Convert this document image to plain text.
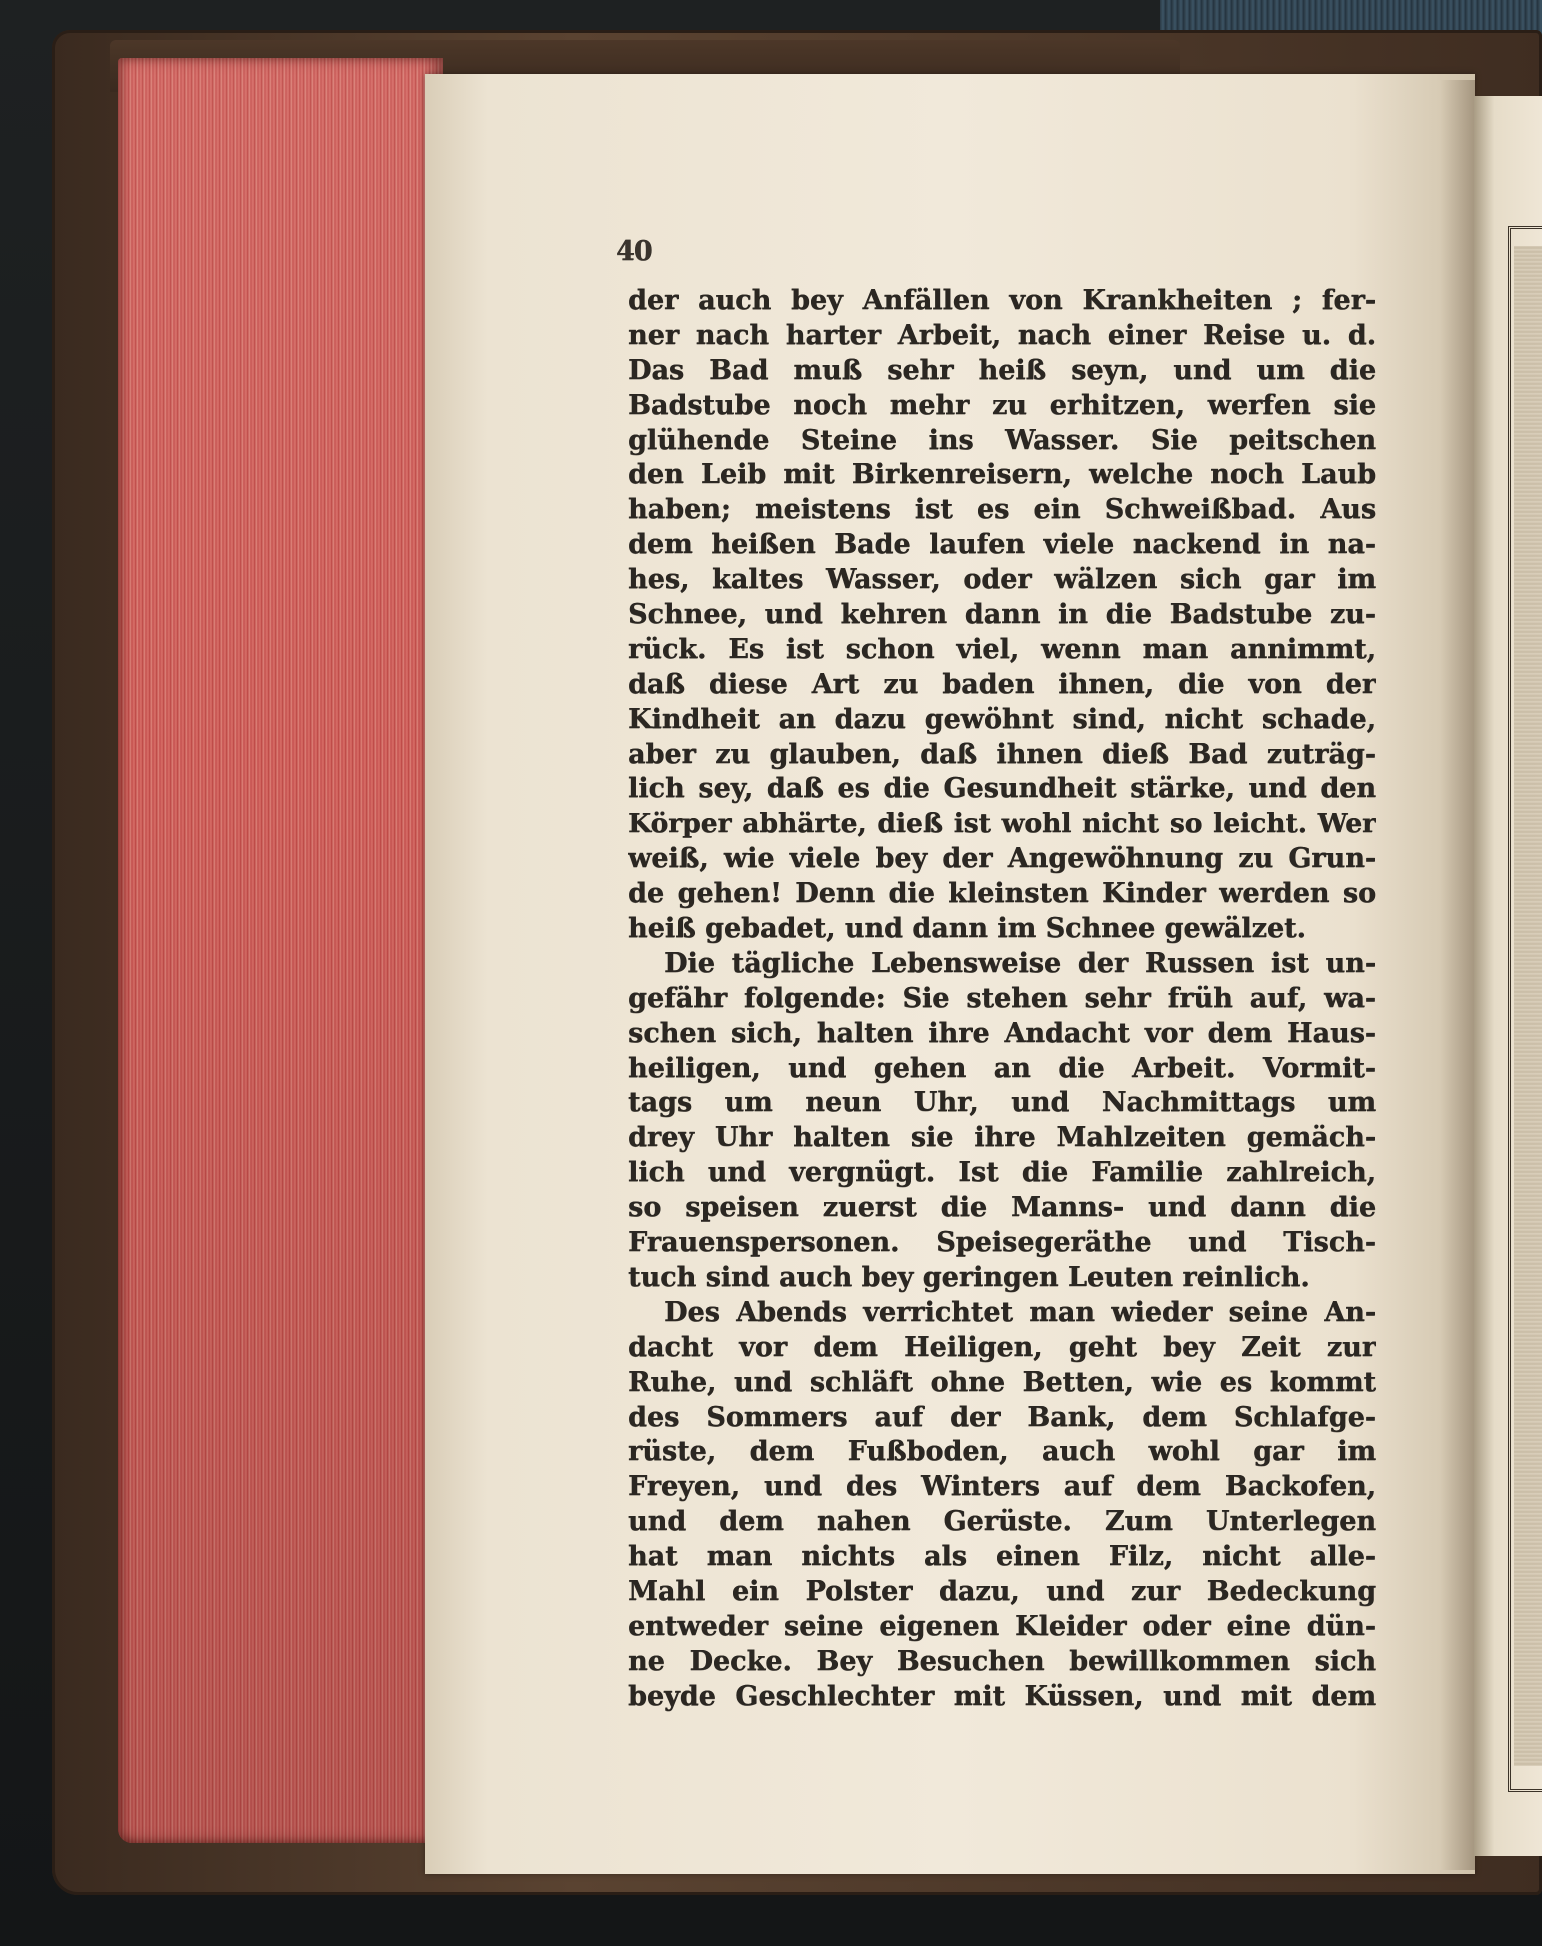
40
der auch bey Anfällen von Krankheiten ; fer-
ner nach harter Arbeit, nach einer Reise u. d.
Das Bad muß sehr heiß seyn, und um die
Badstube noch mehr zu erhitzen, werfen sie
glühende Steine ins Wasser. Sie peitschen
den Leib mit Birkenreisern, welche noch Laub
haben; meistens ist es ein Schweißbad. Aus
dem heißen Bade laufen viele nackend in na-
hes, kaltes Wasser, oder wälzen sich gar im
Schnee, und kehren dann in die Badstube zu-
rück. Es ist schon viel, wenn man annimmt,
daß diese Art zu baden ihnen, die von der
Kindheit an dazu gewöhnt sind, nicht schade,
aber zu glauben, daß ihnen dieß Bad zuträg-
lich sey, daß es die Gesundheit stärke, und den
Körper abhärte, dieß ist wohl nicht so leicht. Wer
weiß, wie viele bey der Angewöhnung zu Grun-
de gehen! Denn die kleinsten Kinder werden so
heiß gebadet, und dann im Schnee gewälzet.
Die tägliche Lebensweise der Russen ist un-
gefähr folgende: Sie stehen sehr früh auf, wa-
schen sich, halten ihre Andacht vor dem Haus-
heiligen, und gehen an die Arbeit. Vormit-
tags um neun Uhr, und Nachmittags um
drey Uhr halten sie ihre Mahlzeiten gemäch-
lich und vergnügt. Ist die Familie zahlreich,
so speisen zuerst die Manns- und dann die
Frauenspersonen. Speisegeräthe und Tisch-
tuch sind auch bey geringen Leuten reinlich.
Des Abends verrichtet man wieder seine An-
dacht vor dem Heiligen, geht bey Zeit zur
Ruhe, und schläft ohne Betten, wie es kommt
des Sommers auf der Bank, dem Schlafge-
rüste, dem Fußboden, auch wohl gar im
Freyen, und des Winters auf dem Backofen,
und dem nahen Gerüste. Zum Unterlegen
hat man nichts als einen Filz, nicht alle-
Mahl ein Polster dazu, und zur Bedeckung
entweder seine eigenen Kleider oder eine dün-
ne Decke. Bey Besuchen bewillkommen sich
beyde Geschlechter mit Küssen, und mit dem
